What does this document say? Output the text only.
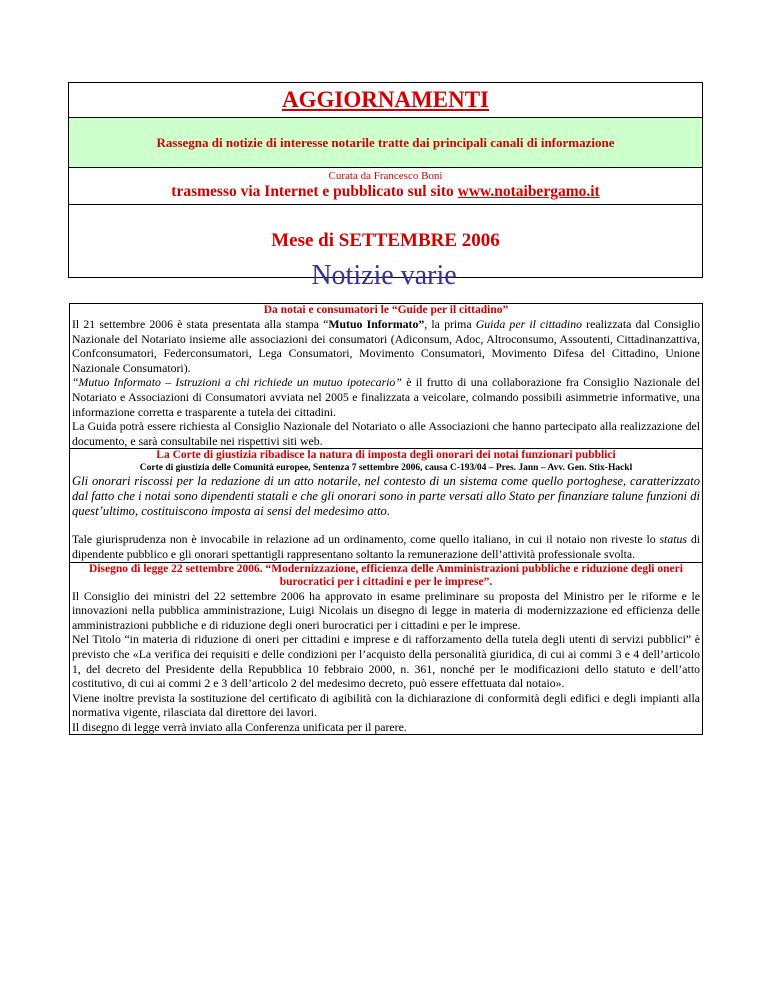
AGGIORNAMENTI
Rassegna di notizie di interesse notarile tratte dai principali canali di informazione
Curata da Francesco Boni
trasmesso via Internet e pubblicato sul sito www.notaibergamo.it
Mese di SETTEMBRE 2006
Notizie varie
Da notai e consumatori le “Guide per il cittadino”

Il 21 settembre 2006 è stata presentata alla stampa “Mutuo Informato”, la prima Guida per il cittadino realizzata dal Consiglio Nazionale del Notariato insieme alle associazioni dei consumatori (Adiconsum, Adoc, Altroconsumo, Assoutenti, Cittadinanzattiva, Confconsumatori, Federconsumatori, Lega Consumatori, Movimento Consumatori, Movimento Difesa del Cittadino, Unione Nazionale Consumatori).

“Mutuo Informato – Istruzioni a chi richiede un mutuo ipotecario” è il frutto di una collaborazione fra Consiglio Nazionale del Notariato e Associazioni di Consumatori avviata nel 2005 e finalizzata a veicolare, colmando possibili asimmetrie informative, una informazione corretta e trasparente a tutela dei cittadini.

La Guida potrà essere richiesta al Consiglio Nazionale del Notariato o alle Associazioni che hanno partecipato alla realizzazione del documento, e sarà consultabile nei rispettivi siti web.

La Corte di giustizia ribadisce la natura di imposta degli onorari dei notai funzionari pubblici
Corte di giustizia delle Comunità europee, Sentenza 7 settembre 2006, causa C-193/04 – Pres. Jann – Avv. Gen. Stix-Hackl
Gli onorari riscossi per la redazione di un atto notarile, nel contesto di un sistema come quello portoghese, caratterizzato dal fatto che i notai sono dipendenti statali e che gli onorari sono in parte versati allo Stato per finanziare talune funzioni di quest’ultimo, costituiscono imposta ai sensi del medesimo atto.

Tale giurisprudenza non è invocabile in relazione ad un ordinamento, come quello italiano, in cui il notaio non riveste lo status di dipendente pubblico e gli onorari spettantigli rappresentano soltanto la remunerazione dell’attività professionale svolta.

Disegno di legge 22 settembre 2006. “Modernizzazione, efficienza delle Amministrazioni pubbliche e riduzione degli oneri burocratici per i cittadini e per le imprese”.

Il Consiglio dei ministri del 22 settembre 2006 ha approvato in esame preliminare su proposta del Ministro per le riforme e le innovazioni nella pubblica amministrazione, Luigi Nicolais un disegno di legge in materia di modernizzazione ed efficienza delle amministrazioni pubbliche e di riduzione degli oneri burocratici per i cittadini e per le imprese.

Nel Titolo “in materia di riduzione di oneri per cittadini e imprese e di rafforzamento della tutela degli utenti di servizi pubblici” è previsto che «La verifica dei requisiti e delle condizioni per l’acquisto della personalità giuridica, di cui ai commi 3 e 4 dell’articolo 1, del decreto del Presidente della Repubblica 10 febbraio 2000, n. 361, nonché per le modificazioni dello statuto e dell’atto costitutivo, di cui ai commi 2 e 3 dell’articolo 2 del medesimo decreto, può essere effettuata dal notaio».

Viene inoltre prevista la sostituzione del certificato di agibilità con la dichiarazione di conformità degli edifici e degli impianti alla normativa vigente, rilasciata dal direttore dei lavori.

Il disegno di legge verrà inviato alla Conferenza unificata per il parere.
